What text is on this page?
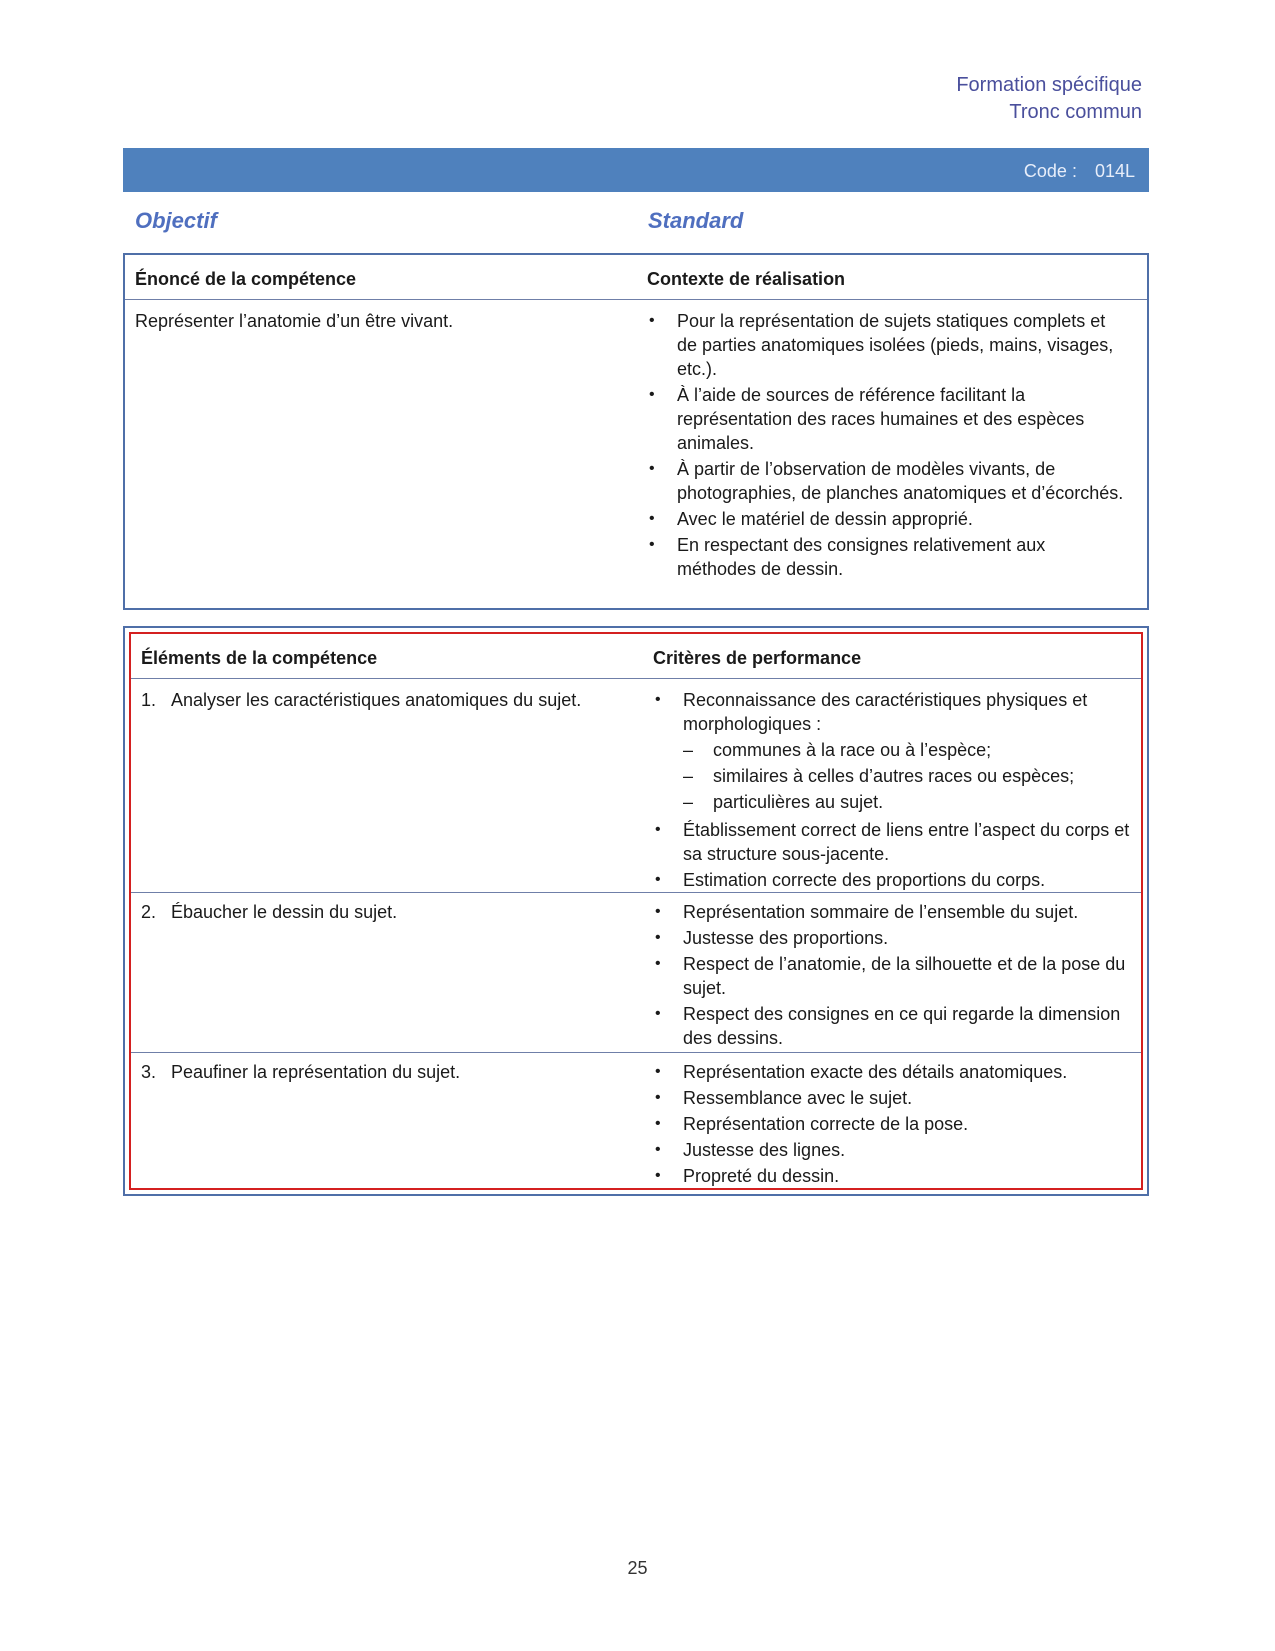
Formation spécifique
Tronc commun
Code : 014L
Objectif	Standard
Énoncé de la compétence	Contexte de réalisation
Représenter l’anatomie d’un être vivant.	• Pour la représentation de sujets statiques complets et de parties anatomiques isolées (pieds, mains, visages, etc.).
• À l’aide de sources de référence facilitant la représentation des races humaines et des espèces animales.
• À partir de l’observation de modèles vivants, de photographies, de planches anatomiques et d’écorchés.
• Avec le matériel de dessin approprié.
• En respectant des consignes relativement aux méthodes de dessin.
Éléments de la compétence	Critères de performance
1. Analyser les caractéristiques anatomiques du sujet.	• Reconnaissance des caractéristiques physiques et morphologiques :
– communes à la race ou à l’espèce;
– similaires à celles d’autres races ou espèces;
– particulières au sujet.
• Établissement correct de liens entre l’aspect du corps et sa structure sous-jacente.
• Estimation correcte des proportions du corps.
2. Ébaucher le dessin du sujet.	• Représentation sommaire de l’ensemble du sujet.
• Justesse des proportions.
• Respect de l’anatomie, de la silhouette et de la pose du sujet.
• Respect des consignes en ce qui regarde la dimension des dessins.
3. Peaufiner la représentation du sujet.	• Représentation exacte des détails anatomiques.
• Ressemblance avec le sujet.
• Représentation correcte de la pose.
• Justesse des lignes.
• Propreté du dessin.
25
